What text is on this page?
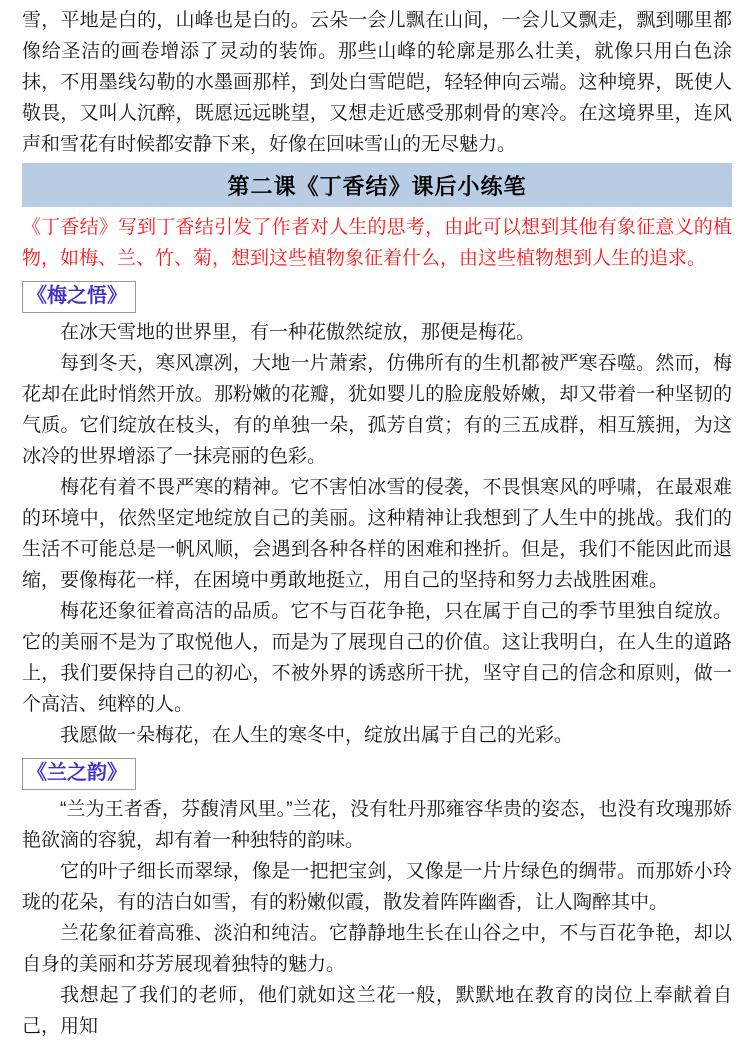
雪，平地是白的，山峰也是白的。云朵一会儿飘在山间，一会儿又飘走，飘到哪里都像给圣洁的画卷增添了灵动的装饰。那些山峰的轮廓是那么壮美，就像只用白色涂抹，不用墨线勾勒的水墨画那样，到处白雪皑皑，轻轻伸向云端。这种境界，既使人敬畏，又叫人沉醉，既愿远远眺望，又想走近感受那刺骨的寒冷。在这境界里，连风声和雪花有时候都安静下来，好像在回味雪山的无尽魅力。

第二课《丁香结》课后小练笔

《丁香结》写到丁香结引发了作者对人生的思考，由此可以想到其他有象征意义的植物，如梅、兰、竹、菊，想到这些植物象征着什么，由这些植物想到人生的追求。

《梅之悟》

在冰天雪地的世界里，有一种花傲然绽放，那便是梅花。

每到冬天，寒风凛冽，大地一片萧索，仿佛所有的生机都被严寒吞噬。然而，梅花却在此时悄然开放。那粉嫩的花瓣，犹如婴儿的脸庞般娇嫩，却又带着一种坚韧的气质。它们绽放在枝头，有的单独一朵，孤芳自赏；有的三五成群，相互簇拥，为这冰冷的世界增添了一抹亮丽的色彩。

梅花有着不畏严寒的精神。它不害怕冰雪的侵袭，不畏惧寒风的呼啸，在最艰难的环境中，依然坚定地绽放自己的美丽。这种精神让我想到了人生中的挑战。我们的生活不可能总是一帆风顺，会遇到各种各样的困难和挫折。但是，我们不能因此而退缩，要像梅花一样，在困境中勇敢地挺立，用自己的坚持和努力去战胜困难。

梅花还象征着高洁的品质。它不与百花争艳，只在属于自己的季节里独自绽放。它的美丽不是为了取悦他人，而是为了展现自己的价值。这让我明白，在人生的道路上，我们要保持自己的初心，不被外界的诱惑所干扰，坚守自己的信念和原则，做一个高洁、纯粹的人。

我愿做一朵梅花，在人生的寒冬中，绽放出属于自己的光彩。

《兰之韵》

“兰为王者香，芬馥清风里。”兰花，没有牡丹那雍容华贵的姿态，也没有玫瑰那娇艳欲滴的容貌，却有着一种独特的韵味。

它的叶子细长而翠绿，像是一把把宝剑，又像是一片片绿色的绸带。而那娇小玲珑的花朵，有的洁白如雪，有的粉嫩似霞，散发着阵阵幽香，让人陶醉其中。

兰花象征着高雅、淡泊和纯洁。它静静地生长在山谷之中，不与百花争艳，却以自身的美丽和芬芳展现着独特的魅力。

我想起了我们的老师，他们就如这兰花一般，默默地在教育的岗位上奉献着自己，用知
